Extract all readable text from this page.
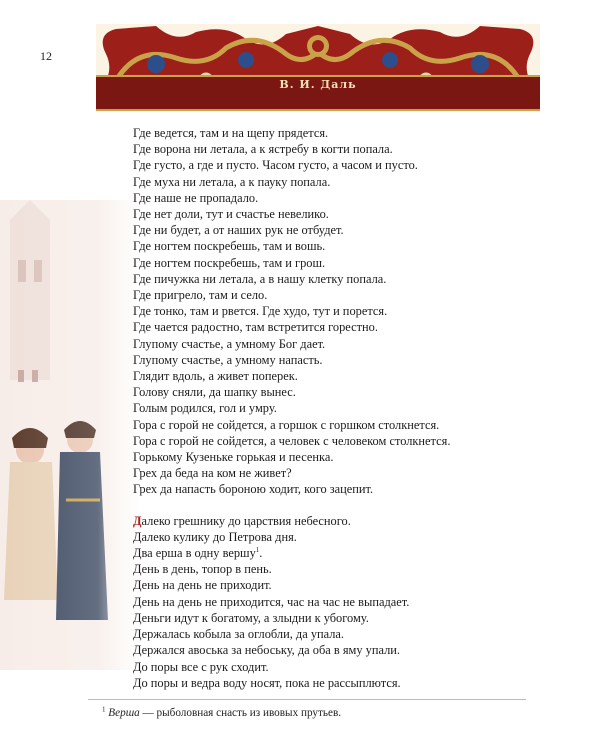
12
В. И. Даль
Где ведется, там и на щепу прядется.
Где ворона ни летала, а к ястребу в когти попала.
Где густо, а где и пусто. Часом густо, а часом и пусто.
Где муха ни летала, а к пауку попала.
Где наше не пропадало.
Где нет доли, тут и счастье невелико.
Где ни будет, а от наших рук не отбудет.
Где ногтем поскребешь, там и вошь.
Где ногтем поскребешь, там и грош.
Где пичужка ни летала, а в нашу клетку попала.
Где пригрело, там и село.
Где тонко, там и рвется. Где худо, тут и порется.
Где чается радостно, там встретится горестно.
Глупому счастье, а умному Бог дает.
Глупому счастье, а умному напасть.
Глядит вдоль, а живет поперек.
Голову сняли, да шапку вынес.
Голым родился, гол и умру.
Гора с горой не сойдется, а горшок с горшком столкнется.
Гора с горой не сойдется, а человек с человеком столкнется.
Горькому Кузеньке горькая и песенка.
Грех да беда на ком не живет?
Грех да напасть бороною ходит, кого зацепит.
Далеко грешнику до царствия небесного.
Далеко кулику до Петрова дня.
Два ерша в одну вершу$^1$.
День в день, топор в пень.
День на день не приходит.
День на день не приходится, час на час не выпадает.
Деньги идут к богатому, а злыдни к убогому.
Держалась кобыла за оглобли, да упала.
Держался авоська за небоську, да оба в яму упали.
До поры все с рук сходит.
До поры и ведра воду носят, пока не рассыплются.
$^1$ Верша — рыболовная снасть из ивовых прутьев.
